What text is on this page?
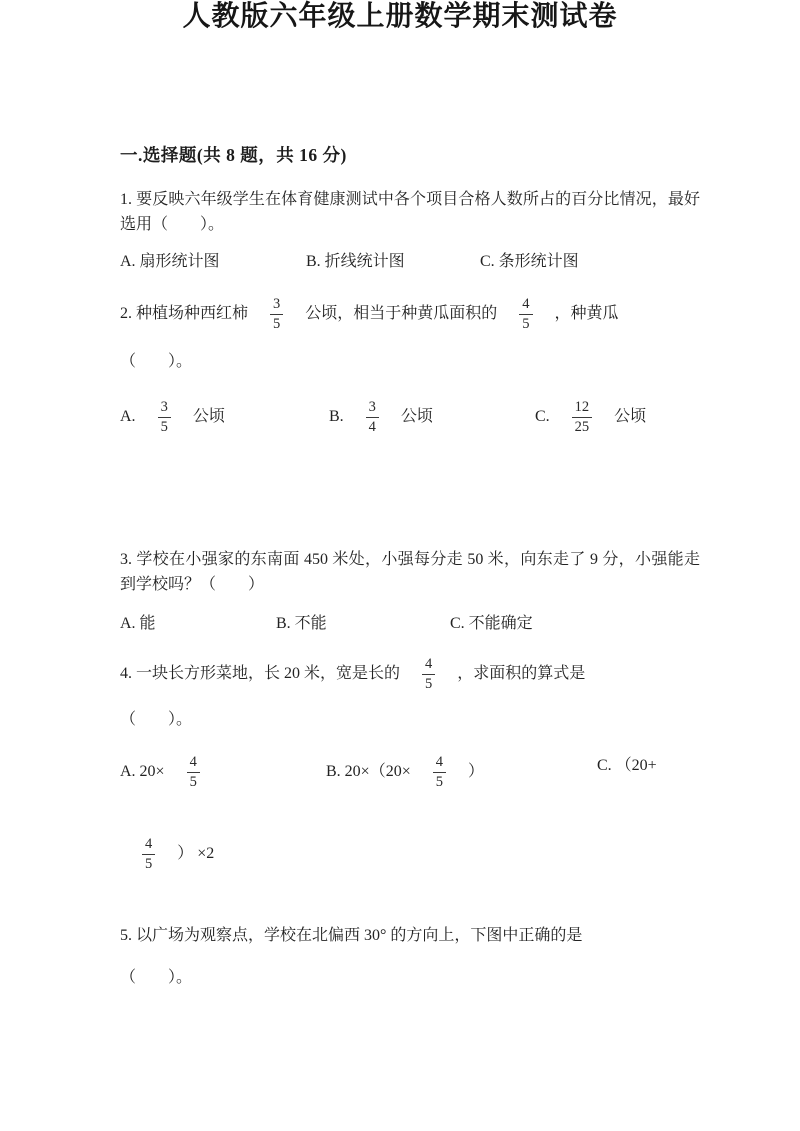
人教版六年级上册数学期末测试卷
一.选择题(共 8 题，共 16 分)
1. 要反映六年级学生在体育健康测试中各个项目合格人数所占的百分比情况，最好选用（　　）。
A. 扇形统计图	B. 折线统计图	C. 条形统计图
2. 种植场种西红柿 $\frac{3}{5}$ 公顷，相当于种黄瓜面积的 $\frac{4}{5}$ ，种黄瓜
（　　）。
A. $\frac{3}{5}$ 公顷	B. $\frac{3}{4}$ 公顷	C. $\frac{12}{25}$ 公顷
3. 学校在小强家的东南面 450 米处，小强每分走 50 米，向东走了 9 分，小强能走到学校吗？（　　）
A. 能	B. 不能	C. 不能确定
4. 一块长方形菜地，长 20 米，宽是长的 $\frac{4}{5}$ ，求面积的算式是
（　　）。
A. $20\times \frac{4}{5}$	B. $20\times(20\times \frac{4}{5}$ ）	C. （20+
$\frac{4}{5}$ ） ×2
5. 以广场为观察点，学校在北偏西 30° 的方向上，下图中正确的是
（　　）。
